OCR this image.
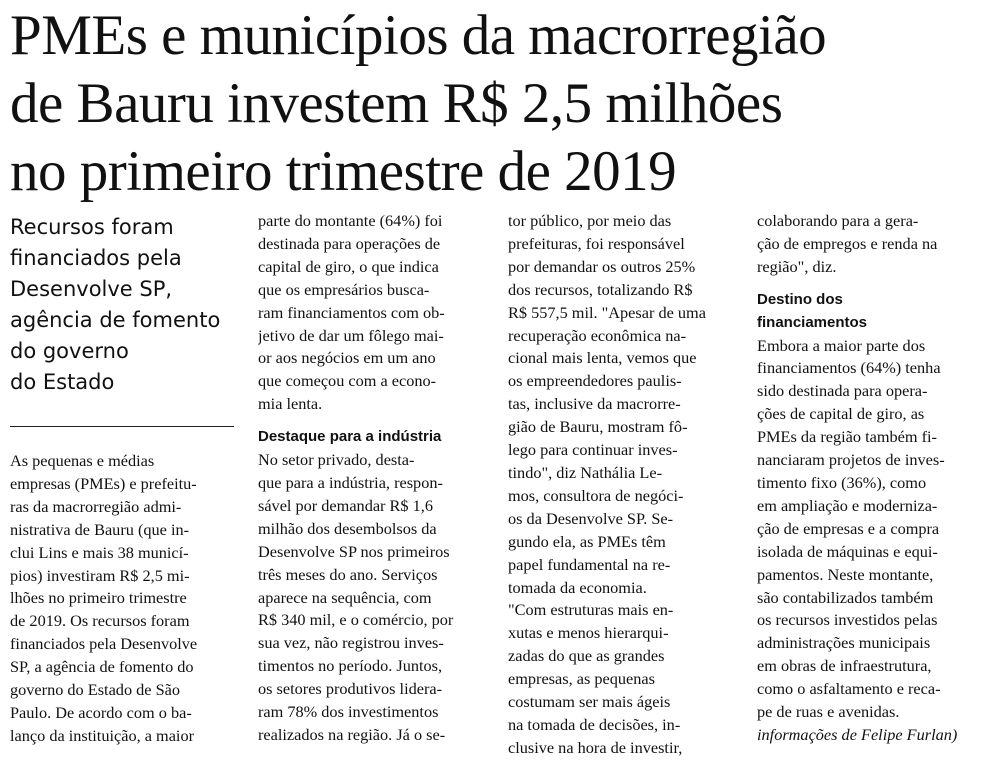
PMEs e municípios da macrorregião
de Bauru investem R$ 2,5 milhões
no primeiro trimestre de 2019
Recursos foram
financiados pela
Desenvolve SP,
agência de fomento
do governo
do Estado
As pequenas e médias
empresas (PMEs) e prefeitu-
ras da macrorregião admi-
nistrativa de Bauru (que in-
clui Lins e mais 38 municí-
pios) investiram R$ 2,5 mi-
lhões no primeiro trimestre
de 2019. Os recursos foram
financiados pela Desenvolve
SP, a agência de fomento do
governo do Estado de São
Paulo. De acordo com o ba-
lanço da instituição, a maior
parte do montante (64%) foi
destinada para operações de
capital de giro, o que indica
que os empresários busca-
ram financiamentos com ob-
jetivo de dar um fôlego mai-
or aos negócios em um ano
que começou com a econo-
mia lenta.
Destaque para a indústria
No setor privado, desta-
que para a indústria, respon-
sável por demandar R$ 1,6
milhão dos desembolsos da
Desenvolve SP nos primeiros
três meses do ano. Serviços
aparece na sequência, com
R$ 340 mil, e o comércio, por
sua vez, não registrou inves-
timentos no período. Juntos,
os setores produtivos lidera-
ram 78% dos investimentos
realizados na região. Já o se-
tor público, por meio das
prefeituras, foi responsável
por demandar os outros 25%
dos recursos, totalizando R$
R$ 557,5 mil. "Apesar de uma
recuperação econômica na-
cional mais lenta, vemos que
os empreendedores paulis-
tas, inclusive da macrorre-
gião de Bauru, mostram fô-
lego para continuar inves-
tindo", diz Nathália Le-
mos, consultora de negóci-
os da Desenvolve SP. Se-
gundo ela, as PMEs têm
papel fundamental na re-
tomada da economia.
"Com estruturas mais en-
xutas e menos hierarqui-
zadas do que as grandes
empresas, as pequenas
costumam ser mais ágeis
na tomada de decisões, in-
clusive na hora de investir,
colaborando para a gera-
ção de empregos e renda na
região", diz.
Destino dos
financiamentos
Embora a maior parte dos
financiamentos (64%) tenha
sido destinada para opera-
ções de capital de giro, as
PMEs da região também fi-
nanciaram projetos de inves-
timento fixo (36%), como
em ampliação e moderniza-
ção de empresas e a compra
isolada de máquinas e equi-
pamentos. Neste montante,
são contabilizados também
os recursos investidos pelas
administrações municipais
em obras de infraestrutura,
como o asfaltamento e reca-
pe de ruas e avenidas.
informações de Felipe Furlan)
